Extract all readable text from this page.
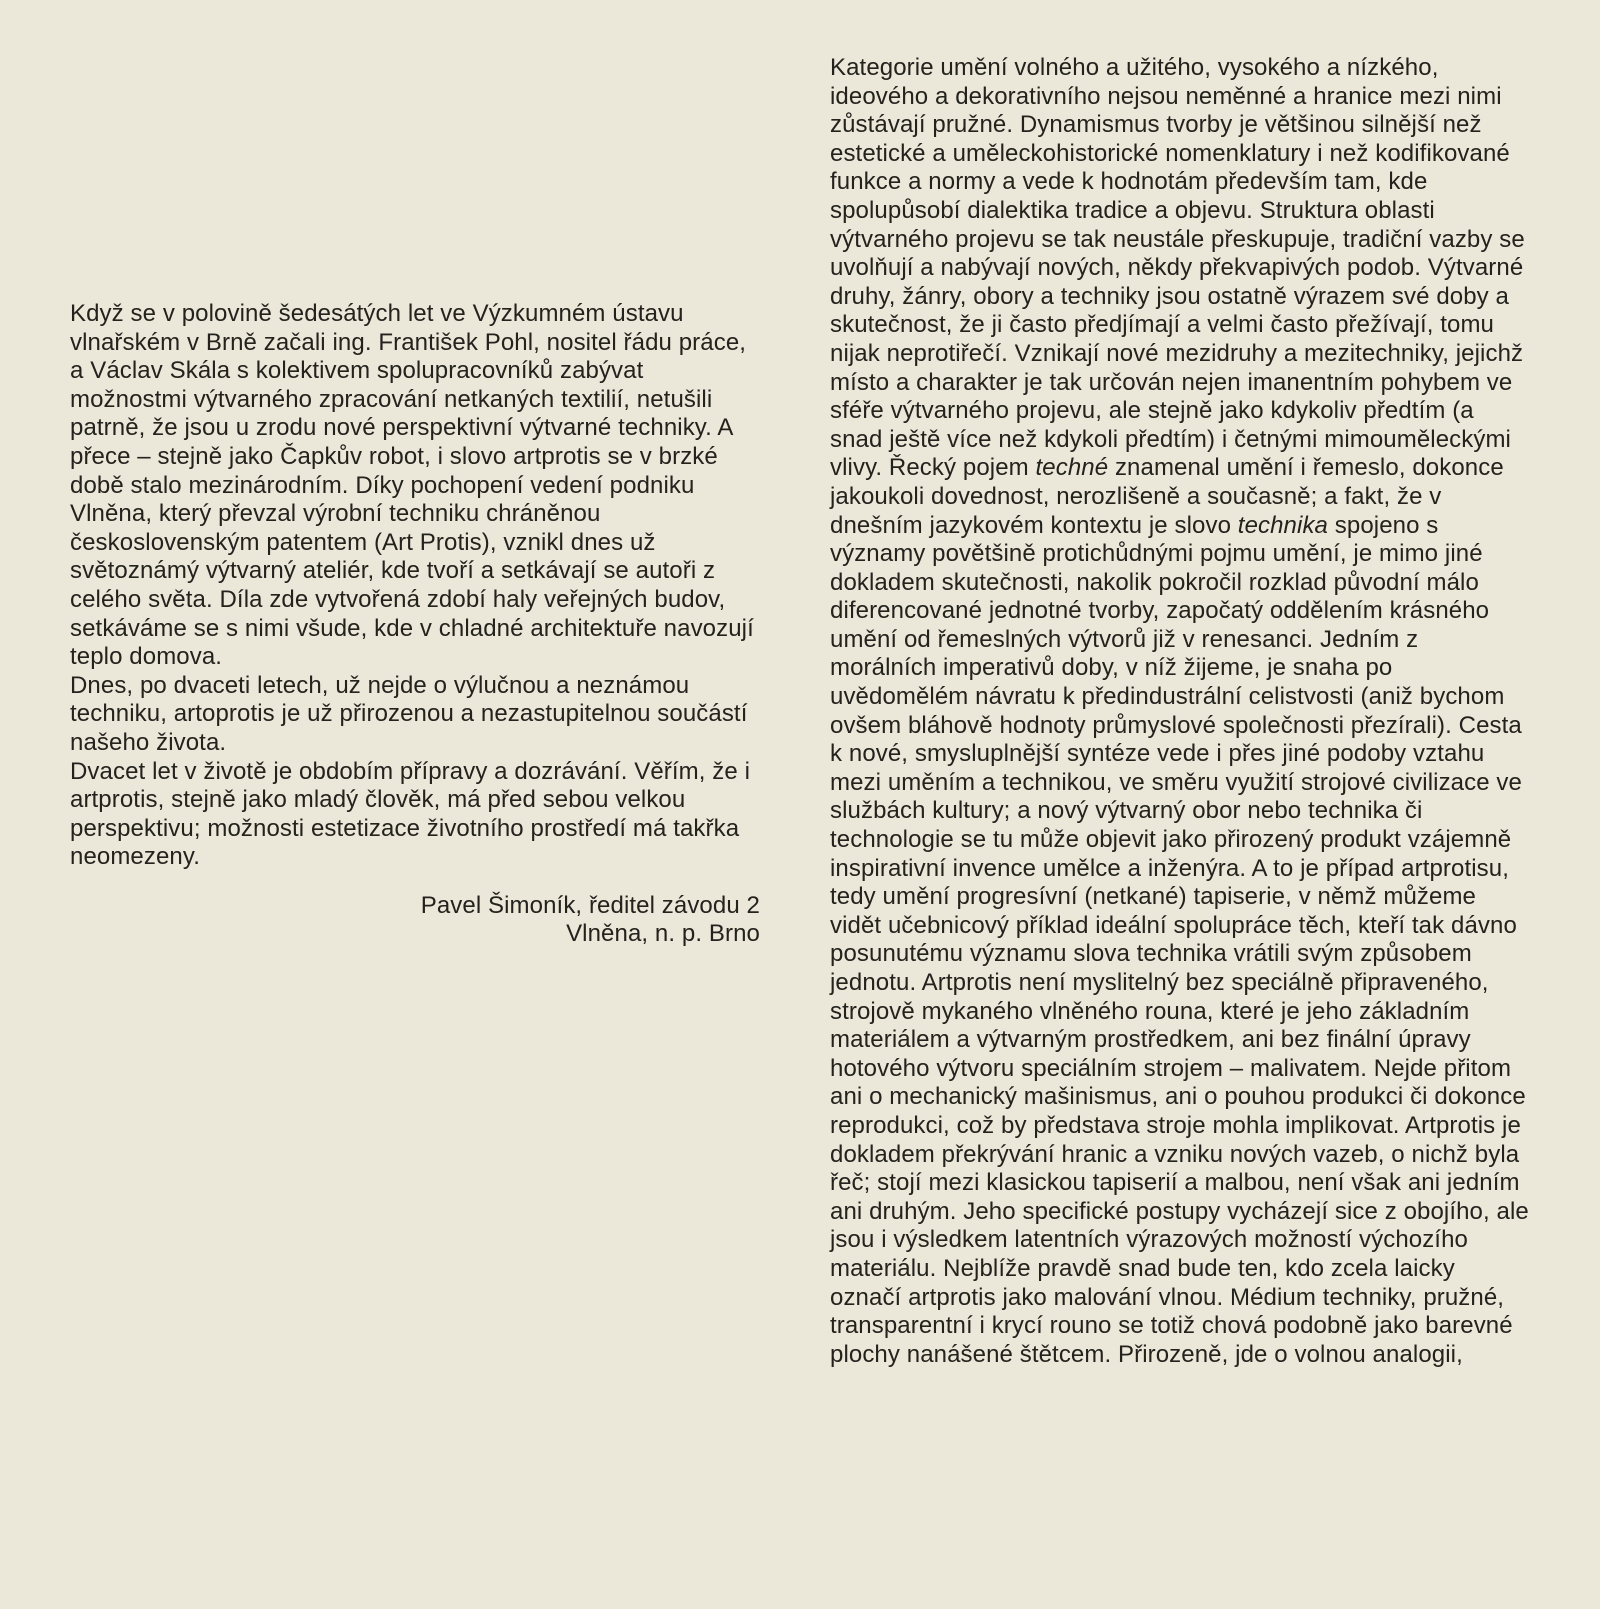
Když se v polovině šedesátých let ve Výzkumném ústavu vlnařském v Brně začali ing. František Pohl, nositel řádu práce, a Václav Skála s kolektivem spolupracovníků zabývat možnostmi výtvarného zpracování netkaných textilií, netušili patrně, že jsou u zrodu nové perspektivní výtvarné techniky. A přece – stejně jako Čapkův robot, i slovo artprotis se v brzké době stalo mezinárodním. Díky pochopení vedení podniku Vlněna, který převzal výrobní techniku chráněnou československým patentem (Art Protis), vznikl dnes už světoznámý výtvarný ateliér, kde tvoří a setkávají se autoři z celého světa. Díla zde vytvořená zdobí haly veřejných budov, setkáváme se s nimi všude, kde v chladné architektuře navozují teplo domova.

Dnes, po dvaceti letech, už nejde o výlučnou a neznámou techniku, artoprotis je už přirozenou a nezastupitelnou součástí našeho života.

Dvacet let v životě je obdobím přípravy a dozrávání. Věřím, že i artprotis, stejně jako mladý člověk, má před sebou velkou perspektivu; možnosti estetizace životního prostředí má takřka neomezeny.

Pavel Šimoník, ředitel závodu 2
Vlněna, n. p. Brno

Kategorie umění volného a užitého, vysokého a nízkého, ideového a dekorativního nejsou neměnné a hranice mezi nimi zůstávají pružné. Dynamismus tvorby je většinou silnější než estetické a uměleckohistorické nomenklatury i než kodifikované funkce a normy a vede k hodnotám především tam, kde spolupůsobí dialektika tradice a objevu. Struktura oblasti výtvarného projevu se tak neustále přeskupuje, tradiční vazby se uvolňují a nabývají nových, někdy překvapivých podob. Výtvarné druhy, žánry, obory a techniky jsou ostatně výrazem své doby a skutečnost, že ji často předjímají a velmi často přežívají, tomu nijak neprotiřečí. Vznikají nové mezidruhy a mezitechniky, jejichž místo a charakter je tak určován nejen imanentním pohybem ve sféře výtvarného projevu, ale stejně jako kdykoliv předtím (a snad ještě více než kdykoli předtím) i četnými mimouměleckými vlivy. Řecký pojem techné znamenal umění i řemeslo, dokonce jakoukoli dovednost, nerozlišeně a současně; a fakt, že v dnešním jazykovém kontextu je slovo technika spojeno s významy povětšině protichůdnými pojmu umění, je mimo jiné dokladem skutečnosti, nakolik pokročil rozklad původní málo diferencované jednotné tvorby, započatý oddělením krásného umění od řemeslných výtvorů již v renesanci. Jedním z morálních imperativů doby, v níž žijeme, je snaha po uvědomělém návratu k předindustrální celistvosti (aniž bychom ovšem bláhově hodnoty průmyslové společnosti přezírali). Cesta k nové, smysluplnější syntéze vede i přes jiné podoby vztahu mezi uměním a technikou, ve směru využití strojové civilizace ve službách kultury; a nový výtvarný obor nebo technika či technologie se tu může objevit jako přirozený produkt vzájemně inspirativní invence umělce a inženýra. A to je případ artprotisu, tedy umění progresívní (netkané) tapiserie, v němž můžeme vidět učebnicový příklad ideální spolupráce těch, kteří tak dávno posunutému významu slova technika vrátili svým způsobem jednotu. Artprotis není myslitelný bez speciálně připraveného, strojově mykaného vlněného rouna, které je jeho základním materiálem a výtvarným prostředkem, ani bez finální úpravy hotového výtvoru speciálním strojem – malivatem. Nejde přitom ani o mechanický mašinismus, ani o pouhou produkci či dokonce reprodukci, což by představa stroje mohla implikovat. Artprotis je dokladem překrývání hranic a vzniku nových vazeb, o nichž byla řeč; stojí mezi klasickou tapiserií a malbou, není však ani jedním ani druhým. Jeho specifické postupy vycházejí sice z obojího, ale jsou i výsledkem latentních výrazových možností výchozího materiálu. Nejblíže pravdě snad bude ten, kdo zcela laicky označí artprotis jako malování vlnou. Médium techniky, pružné, transparentní i krycí rouno se totiž chová podobně jako barevné plochy nanášené štětcem. Přirozeně, jde o volnou analogii,
